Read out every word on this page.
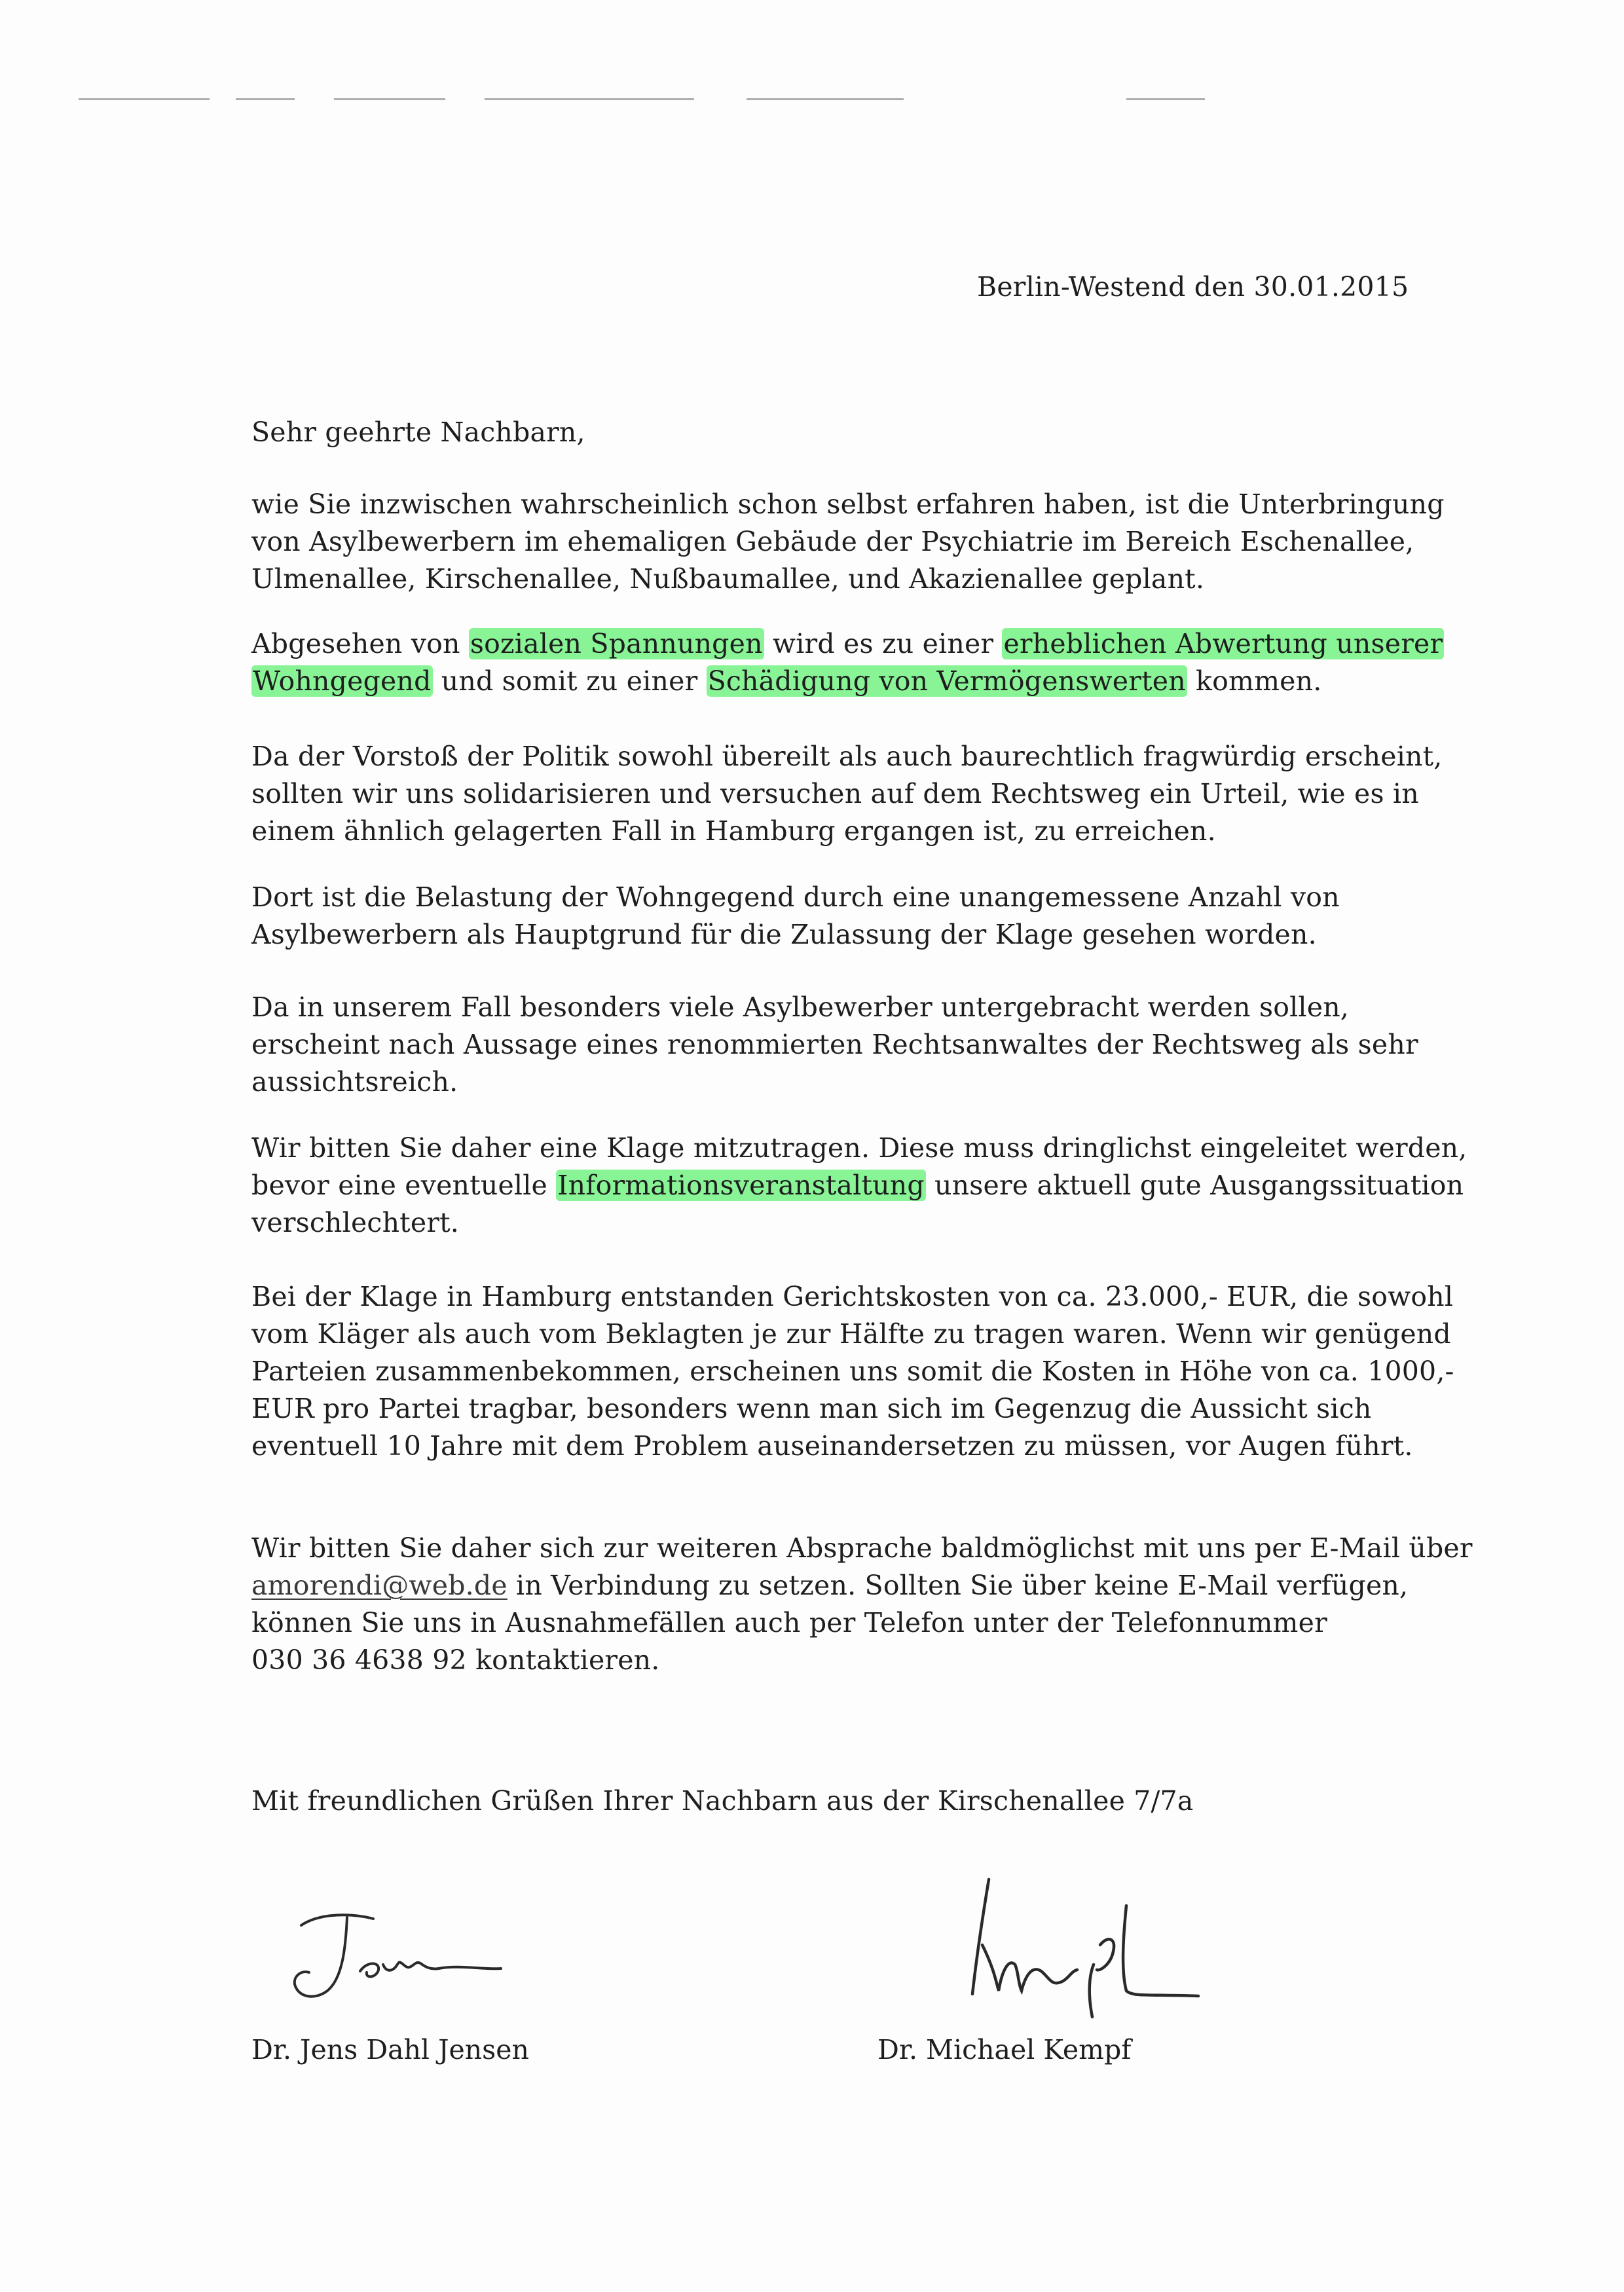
Berlin-Westend den 30.01.2015
Sehr geehrte Nachbarn,
wie Sie inzwischen wahrscheinlich schon selbst erfahren haben, ist die Unterbringung
von Asylbewerbern im ehemaligen Gebäude der Psychiatrie im Bereich Eschenallee,
Ulmenallee, Kirschenallee, Nußbaumallee, und Akazienallee geplant.
Abgesehen von sozialen Spannungen wird es zu einer erheblichen Abwertung unserer
Wohngegend und somit zu einer Schädigung von Vermögenswerten kommen.
Da der Vorstoß der Politik sowohl übereilt als auch baurechtlich fragwürdig erscheint,
sollten wir uns solidarisieren und versuchen auf dem Rechtsweg ein Urteil, wie es in
einem ähnlich gelagerten Fall in Hamburg ergangen ist, zu erreichen.
Dort ist die Belastung der Wohngegend durch eine unangemessene Anzahl von
Asylbewerbern als Hauptgrund für die Zulassung der Klage gesehen worden.
Da in unserem Fall besonders viele Asylbewerber untergebracht werden sollen,
erscheint nach Aussage eines renommierten Rechtsanwaltes der Rechtsweg als sehr
aussichtsreich.
Wir bitten Sie daher eine Klage mitzutragen. Diese muss dringlichst eingeleitet werden,
bevor eine eventuelle Informationsveranstaltung unsere aktuell gute Ausgangssituation
verschlechtert.
Bei der Klage in Hamburg entstanden Gerichtskosten von ca. 23.000,- EUR, die sowohl
vom Kläger als auch vom Beklagten je zur Hälfte zu tragen waren. Wenn wir genügend
Parteien zusammenbekommen, erscheinen uns somit die Kosten in Höhe von ca. 1000,-
EUR pro Partei tragbar, besonders wenn man sich im Gegenzug die Aussicht sich
eventuell 10 Jahre mit dem Problem auseinandersetzen zu müssen, vor Augen führt.
Wir bitten Sie daher sich zur weiteren Absprache baldmöglichst mit uns per E-Mail über
amorendi@web.de in Verbindung zu setzen. Sollten Sie über keine E-Mail verfügen,
können Sie uns in Ausnahmefällen auch per Telefon unter der Telefonnummer
030 36 4638 92 kontaktieren.
Mit freundlichen Grüßen Ihrer Nachbarn aus der Kirschenallee 7/7a
Dr. Jens Dahl Jensen	Dr. Michael Kempf
